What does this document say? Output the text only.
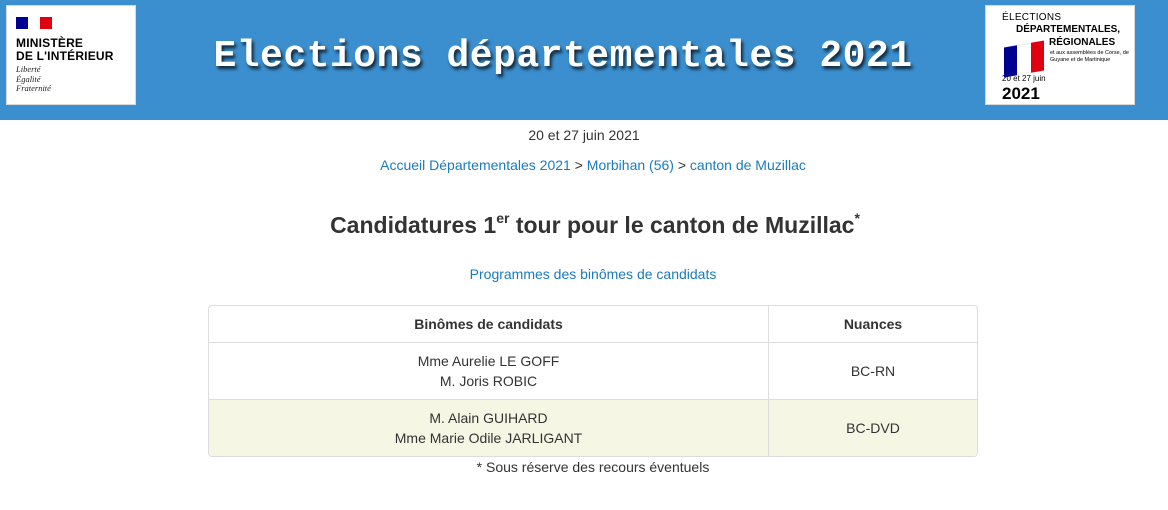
MINISTÈRE
DE L'INTÉRIEUR
Liberté
Égalité
Fraternité
Elections départementales 2021
ÉLECTIONS
DÉPARTEMENTALES,
RÉGIONALES
et aux assemblées de Corse, de Guyane et de Martinique
20 et 27 juin
2021
20 et 27 juin 2021
Accueil Départementales 2021 > Morbihan (56) > canton de Muzillac
Candidatures 1er tour pour le canton de Muzillac*
Programmes des binômes de candidats
Binômes de candidats	Nuances

Mme Aurelie LE GOFF
M. Joris ROBIC	BC-RN

M. Alain GUIHARD
Mme Marie Odile JARLIGANT	BC-DVD
* Sous réserve des recours éventuels
